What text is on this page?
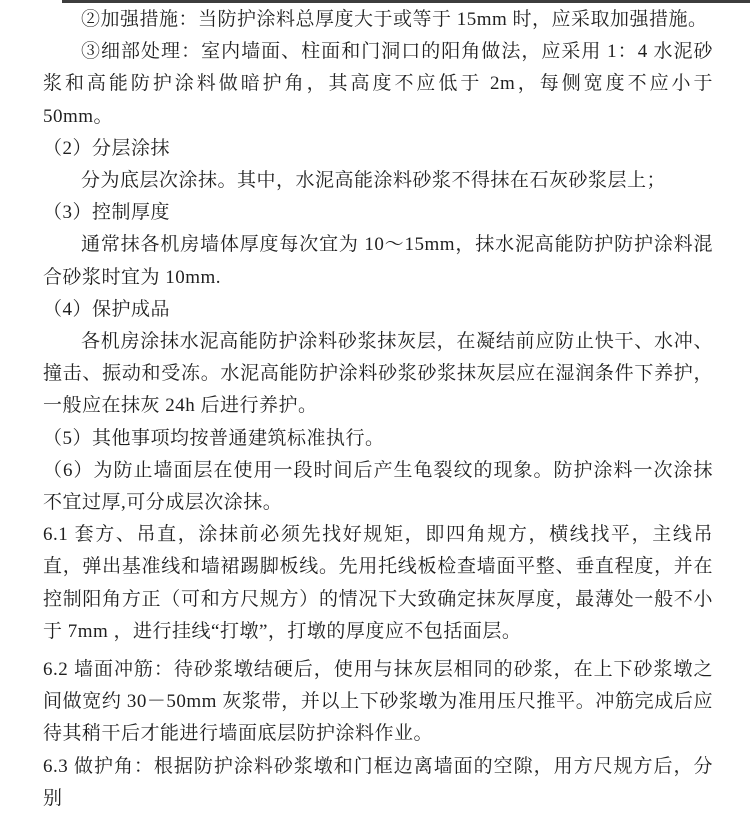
②加强措施：当防护涂料总厚度大于或等于 15mm 时，应采取加强措施。

③细部处理：室内墙面、柱面和门洞口的阳角做法，应采用 1：4 水泥砂浆和高能防护涂料做暗护角，其高度不应低于 2m，每侧宽度不应小于 50mm。

（2）分层涂抹

分为底层次涂抹。其中，水泥高能涂料砂浆不得抹在石灰砂浆层上；

（3）控制厚度

通常抹各机房墙体厚度每次宜为 10～15mm，抹水泥高能防护防护涂料混合砂浆时宜为 10mm.

（4）保护成品

各机房涂抹水泥高能防护涂料砂浆抹灰层，在凝结前应防止快干、水冲、撞击、振动和受冻。水泥高能防护涂料砂浆砂浆抹灰层应在湿润条件下养护，一般应在抹灰 24h 后进行养护。

（5）其他事项均按普通建筑标准执行。

（6）为防止墙面层在使用一段时间后产生龟裂纹的现象。防护涂料一次涂抹不宜过厚,可分成层次涂抹。

6.1 套方、吊直，涂抹前必须先找好规矩，即四角规方，横线找平，主线吊直，弹出基准线和墙裙踢脚板线。先用托线板检查墙面平整、垂直程度，并在控制阳角方正（可和方尺规方）的情况下大致确定抹灰厚度，最薄处一般不小于 7mm ，进行挂线“打墩”，打墩的厚度应不包括面层。

6.2 墙面冲筋：待砂浆墩结硬后，使用与抹灰层相同的砂浆，在上下砂浆墩之间做宽约 30－50mm 灰浆带，并以上下砂浆墩为准用压尺推平。冲筋完成后应待其稍干后才能进行墙面底层防护涂料作业。

6.3 做护角：根据防护涂料砂浆墩和门框边离墙面的空隙，用方尺规方后，分别
